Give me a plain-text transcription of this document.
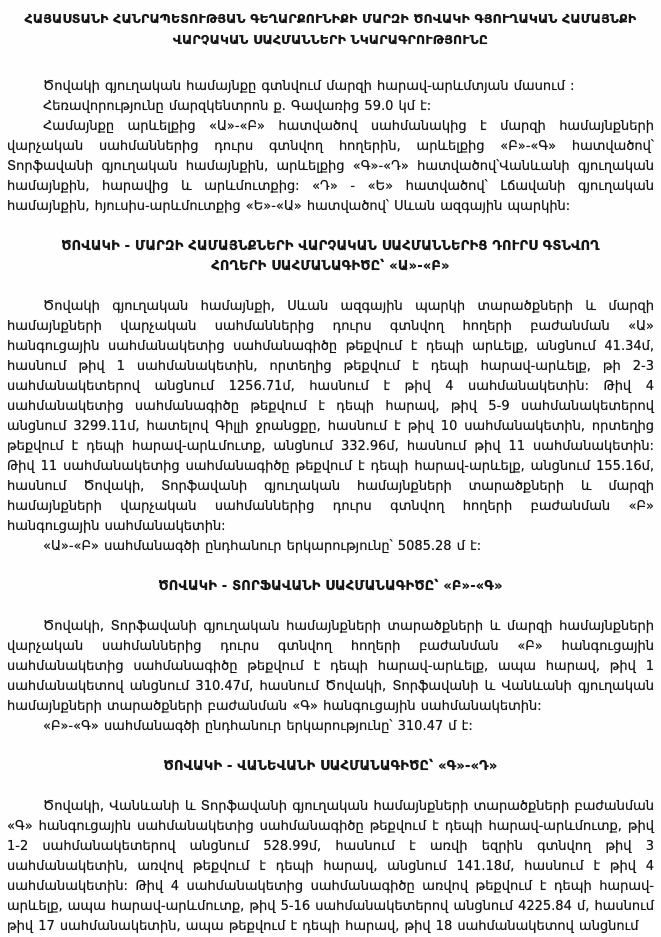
ՀԱՅԱՍՏԱՆԻ ՀԱՆՐԱՊԵՏՈՒԹՅԱՆ ԳԵՂԱՐՔՈՒՆԻՔԻ ՄԱՐԶԻ ԾՈՎԱԿԻ ԳՅՈՒՂԱԿԱՆ ՀԱՄԱՅՆՔԻ
ՎԱՐՉԱԿԱՆ ՍԱՀՄԱՆՆԵՐԻ ՆԿԱՐԱԳՐՈՒԹՅՈՒՆԸ

Ծովակի գյուղական համայնքը գտնվում մարզի հարավ-արևմտյան մասում :

Հեռավորությունը մարզկենտրոն ք. Գավառից 59.0 կմ է:

Համայնքը արևելքից «Ա»-«Բ» հատվածով սահմանակից է մարզի համայնքների վարչական սահմաններից դուրս գտնվող հողերին, արևելքից «Բ»-«Գ» հատվածով՝ Տորֆավանի գյուղական համայնքին, արևելքից «Գ»-«Դ» հատվածով՝Վանևանի գյուղական համայնքին, հարավից և արևմուտքից: «Դ» - «Ե» հատվածով՝ Լճավանի գյուղական համայնքին, հյուսիս-արևմուտքից «Ե»-«Ա» հատվածով՝ Սևան ազգային պարկին:

ԾՈՎԱԿԻ - ՄԱՐԶԻ ՀԱՄԱՅՆՔՆԵՐԻ ՎԱՐՉԱԿԱՆ ՍԱՀՄԱՆՆԵՐԻՑ ԴՈՒՐՍ ԳՏՆՎՈՂ ՀՈՂԵՐԻ ՍԱՀՄԱՆԱԳԻԾԸ՝ «Ա»-«Բ»

Ծովակի գյուղական համայնքի, Սևան ազգային պարկի տարածքների և մարզի համայնքների վարչական սահմաններից դուրս գտնվող հողերի բաժանման «Ա» հանգուցային սահմանակետից սահմանագիծը թեքվում է դեպի արևելք, անցնում 41.34մ, հասնում թիվ 1 սահմանակետին, որտեղից թեքվում է դեպի հարավ-արևելք, թի 2-3 սահմանակետերով անցնում 1256.71մ, հասնում է թիվ 4 սահմանակետին: Թիվ 4 սահմանակետից սահմանագիծը թեքվում է դեպի հարավ, թիվ 5-9 սահմանակետերով անցնում 3299.11մ, հատելով Գիլլի ջրանցքը, հասնում է թիվ 10 սահմանակետին, որտեղից թեքվում է դեպի հարավ-արևմուտք, անցնում 332.96մ, հասնում թիվ 11 սահմանակետին: Թիվ 11 սահմանակետից սահմանագիծը թեքվում է դեպի հարավ-արևելք, անցնում 155.16մ, հասնում Ծովակի, Տորֆավանի գյուղական համայնքների տարածքների և մարզի համայնքների վարչական սահմաններից դուրս գտնվող հողերի բաժանման «Բ» հանգուցային սահմանակետին:

«Ա»-«Բ» սահմանագծի ընդհանուր երկարությունը՝ 5085.28 մ է:

ԾՈՎԱԿԻ - ՏՈՐՖԱՎԱՆԻ ՍԱՀՄԱՆԱԳԻԾԸ՝ «Բ»-«Գ»

Ծովակի, Տորֆավանի գյուղական համայնքների տարածքների և մարզի համայնքների վարչական սահմաններից դուրս գտնվող հողերի բաժանման «Բ» հանգուցային սահմանակետից սահմանագիծը թեքվում է դեպի հարավ-արևելք, ապա հարավ, թիվ 1 սահմանակետով անցնում 310.47մ, հասնում Ծովակի, Տորֆավանի և Վանևանի գյուղական համայնքների տարածքների բաժանման «Գ» հանգուցային սահմանակետին:

«Բ»-«Գ» սահմանագծի ընդհանուր երկարությունը՝ 310.47 մ է:

ԾՈՎԱԿԻ - ՎԱՆԵՎԱՆԻ ՍԱՀՄԱՆԱԳԻԾԸ՝ «Գ»-«Դ»

Ծովակի, Վանևանի և Տորֆավանի գյուղական համայնքների տարածքների բաժանման «Գ» հանգուցային սահմանակետից սահմանագիծը թեքվում է դեպի հարավ-արևմուտք, թիվ 1-2 սահմանակետերով անցնում 528.99մ, հասնում է առվի եզրին գտնվող թիվ 3 սահմանակետին, առվով թեքվում է դեպի հարավ, անցնում 141.18մ, հասնում է թիվ 4 սահմանակետին: Թիվ 4 սահմանակետից սահմանագիծը առվով թեքվում է դեպի հարավ-արևելք, ապա հարավ-արևմուտք, թիվ 5-16 սահմանակետերով անցնում 4225.84 մ, հասնում թիվ 17 սահմանակետին, ապա թեքվում է դեպի հարավ, թիվ 18 սահմանակետով անցնում
